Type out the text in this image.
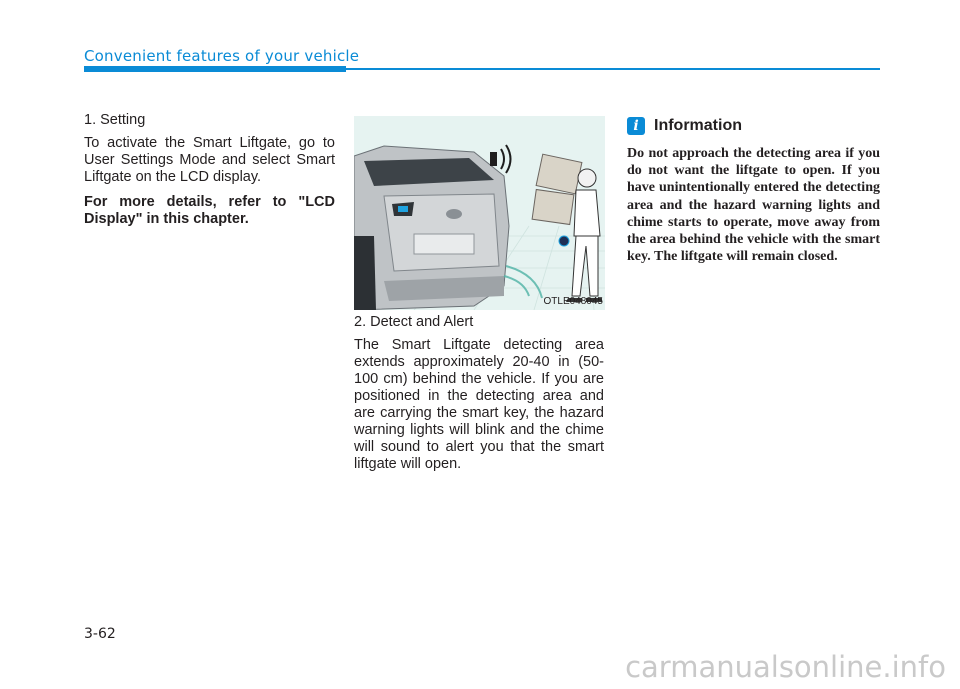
Convenient features of your vehicle

1. Setting

To activate the Smart Liftgate, go to User Settings Mode and select Smart Liftgate on the LCD display.

For more details, refer to "LCD Display" in this chapter.

OTLE048045

2. Detect and Alert

The Smart Liftgate detecting area extends approximately 20-40 in (50-100 cm) behind the vehicle. If you are positioned in the detecting area and are carrying the smart key, the hazard warning lights will blink and the chime will sound to alert you that the smart liftgate will open.

i Information

Do not approach the detecting area if you do not want the liftgate to open. If you have unintentionally entered the detecting area and the hazard warning lights and chime starts to operate, move away from the area behind the vehicle with the smart key. The liftgate will remain closed.

3-62
carmanualsonline.info
